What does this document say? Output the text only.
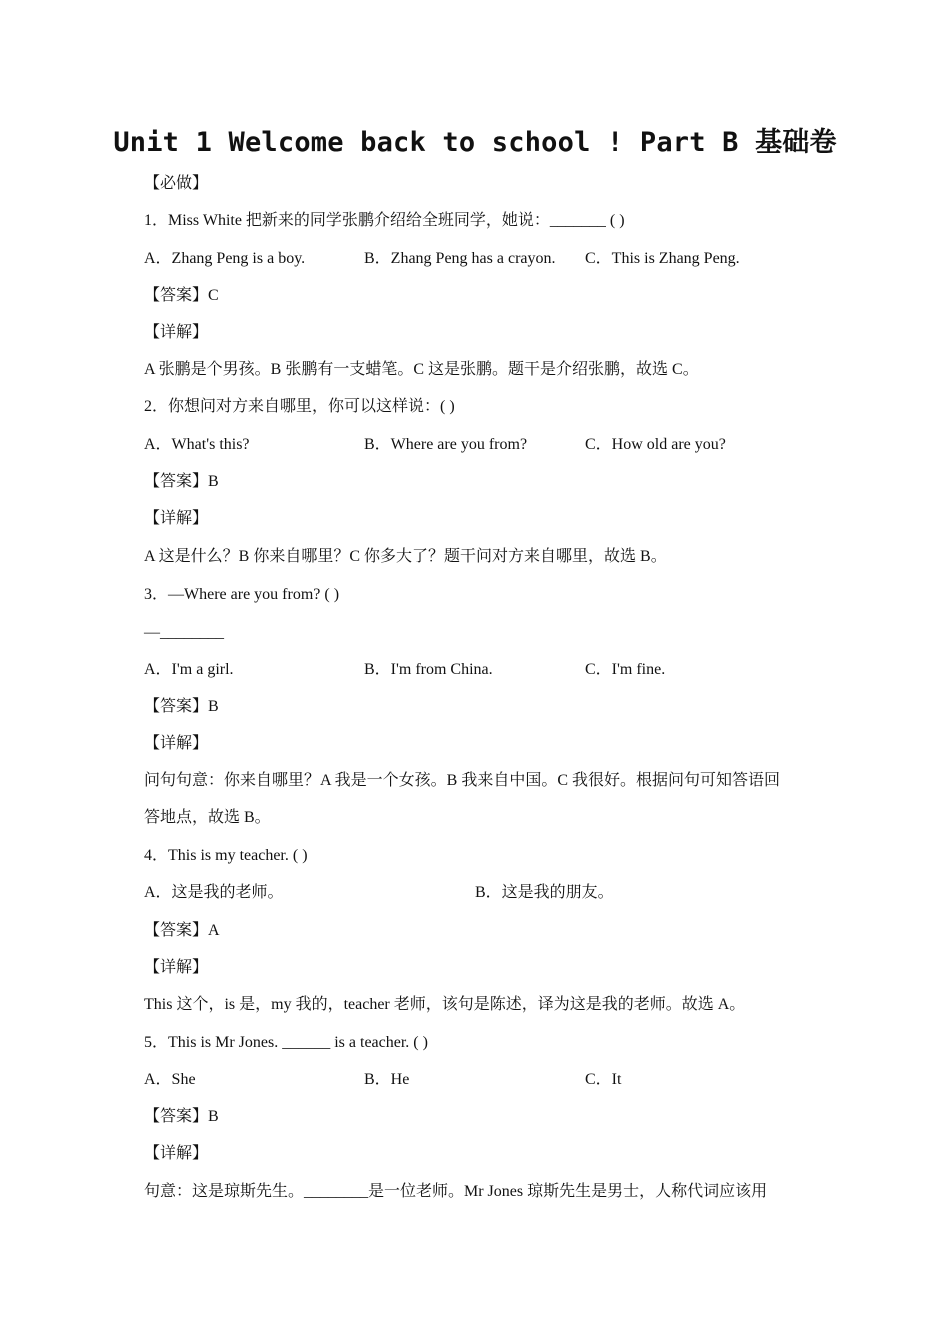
Unit 1 Welcome back to school ! Part B 基础卷
【必做】
1．Miss White 把新来的同学张鹏介绍给全班同学，她说：_______ ( )
A．Zhang Peng is a boy.	B．Zhang Peng has a crayon. C．This is Zhang Peng.
【答案】C
【详解】
A 张鹏是个男孩。B 张鹏有一支蜡笔。C 这是张鹏。题干是介绍张鹏，故选 C。
2．你想问对方来自哪里，你可以这样说：( )
A．What's this?	B．Where are you from?	C．How old are you?
【答案】B
【详解】
A 这是什么？B 你来自哪里？C 你多大了？题干问对方来自哪里，故选 B。
3．—Where are you from? ( )
—________
A．I'm a girl.	B．I'm from China.	C．I'm fine.
【答案】B
【详解】
问句句意：你来自哪里？A 我是一个女孩。B 我来自中国。C 我很好。根据问句可知答语回
答地点，故选 B。
4．This is my teacher. ( )
A．这是我的老师。	B．这是我的朋友。
【答案】A
【详解】
This 这个，is 是，my 我的，teacher 老师，该句是陈述，译为这是我的老师。故选 A。
5．This is Mr Jones. ______ is a teacher. ( )
A．She	B．He	C．It
【答案】B
【详解】
句意：这是琼斯先生。________是一位老师。Mr Jones 琼斯先生是男士，人称代词应该用
